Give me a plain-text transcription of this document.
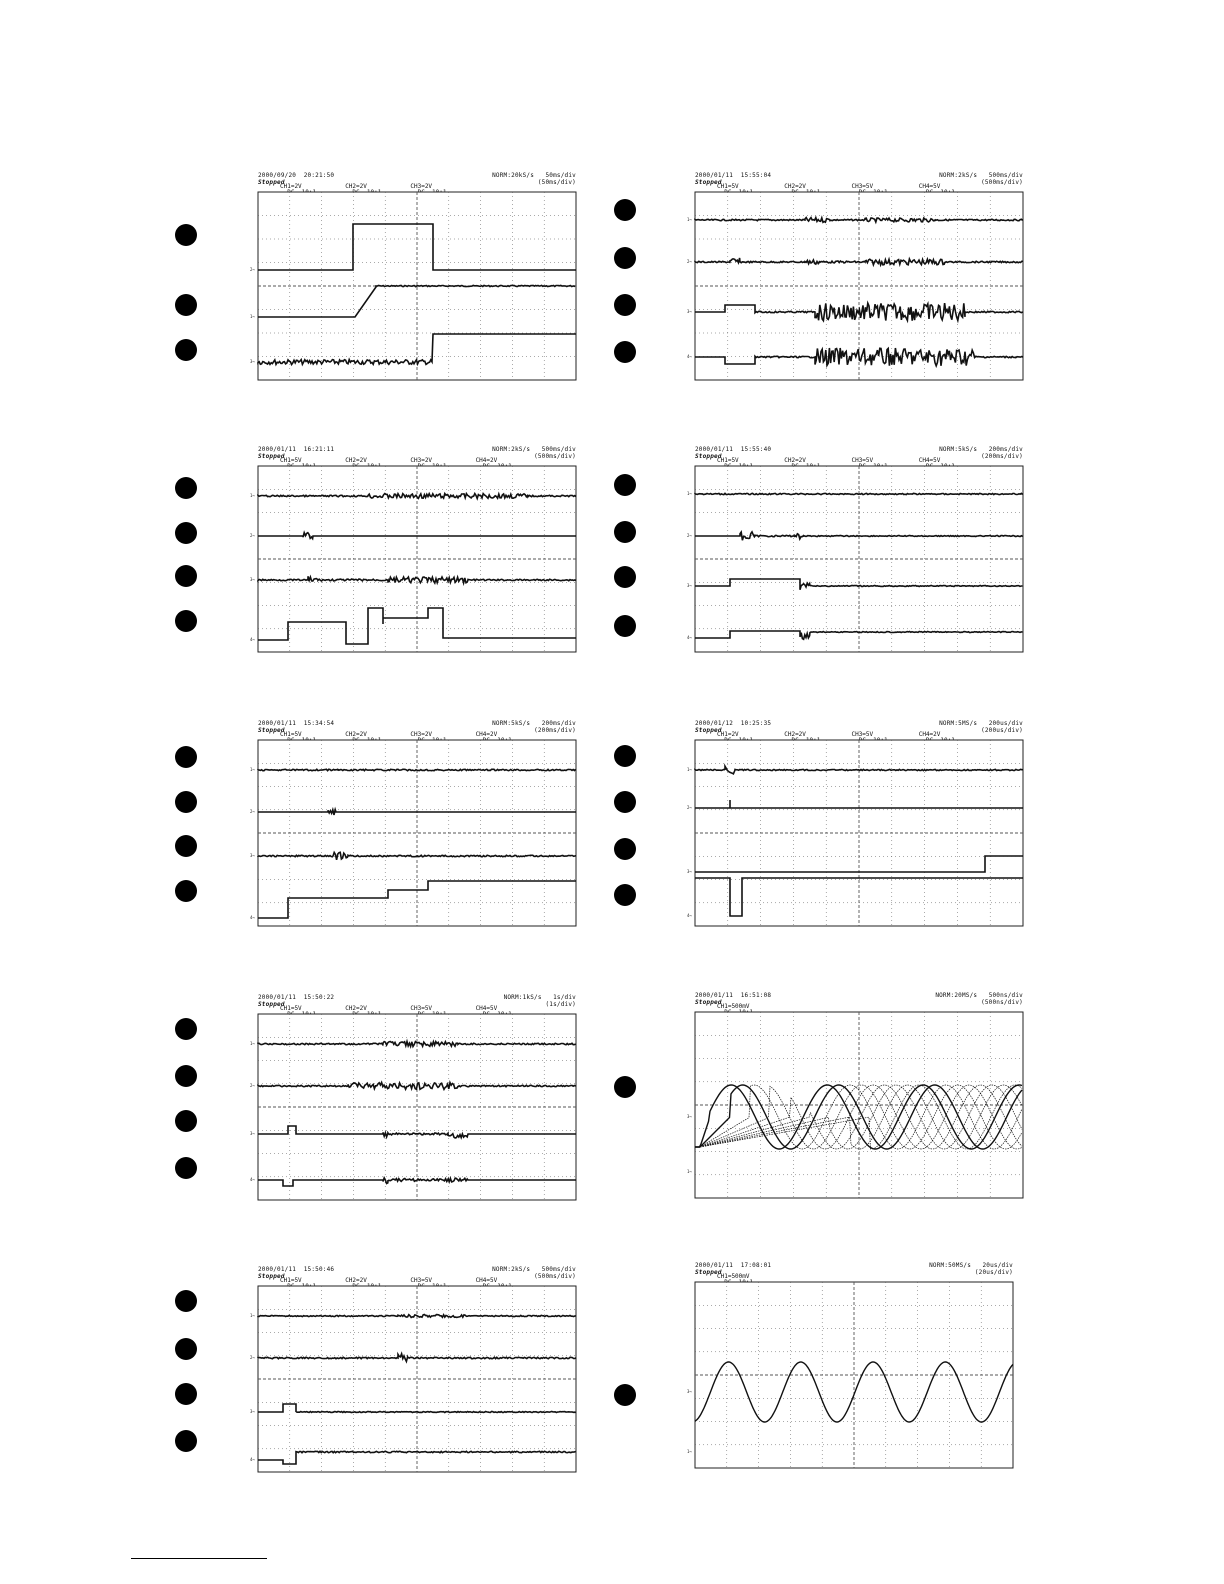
2000/09/20  20:21:50
Stopped
NORM:20kS/s 50ms/div
(50ms/div)
CH1=2V
	CH2=2V
	CH3=2V

2→
1→
3→
2000/01/11  15:55:04
Stopped
NORM:2kS/s 500ms/div
(500ms/div)
CH1=5V
	CH2=2V
	CH3=5V
	CH4=5V

1→
2→
3→
4→
2000/01/11  16:21:11
Stopped
NORM:2kS/s 500ms/div
(500ms/div)
CH1=5V
	CH2=2V
	CH3=2V
	CH4=2V

1→
2→
3→
4→
2000/01/11  15:55:40
Stopped
NORM:5kS/s 200ms/div
(200ms/div)
CH1=5V
	CH2=2V
	CH3=5V
	CH4=5V

1→
2→
3→
4→
2000/01/11  15:34:54
Stopped
NORM:5kS/s 200ms/div
(200ms/div)
CH1=5V
	CH2=2V
	CH3=2V
	CH4=2V

1→
2→
3→
4→
2000/01/12  10:25:35
Stopped
NORM:5MS/s 200us/div
(200us/div)
CH1=2V
	CH2=2V
	CH3=5V
	CH4=2V

1→
2→
3→
4→
2000/01/11  15:50:22
Stopped
NORM:1kS/s 1s/div
(1s/div)
CH1=5V
	CH2=2V
	CH3=5V
	CH4=5V

1→
2→
3→
4→
2000/01/11  16:51:08
Stopped
NORM:20MS/s 500ns/div
(500ns/div)
CH1=500mV

3→
1→
2000/01/11  15:50:46
Stopped
NORM:2kS/s 500ms/div
(500ms/div)
CH1=5V
	CH2=2V
	CH3=5V
	CH4=5V

1→
2→
3→
4→
2000/01/11  17:08:01
Stopped
NORM:50MS/s 20us/div
(20us/div)
CH1=500mV

3→
1→
